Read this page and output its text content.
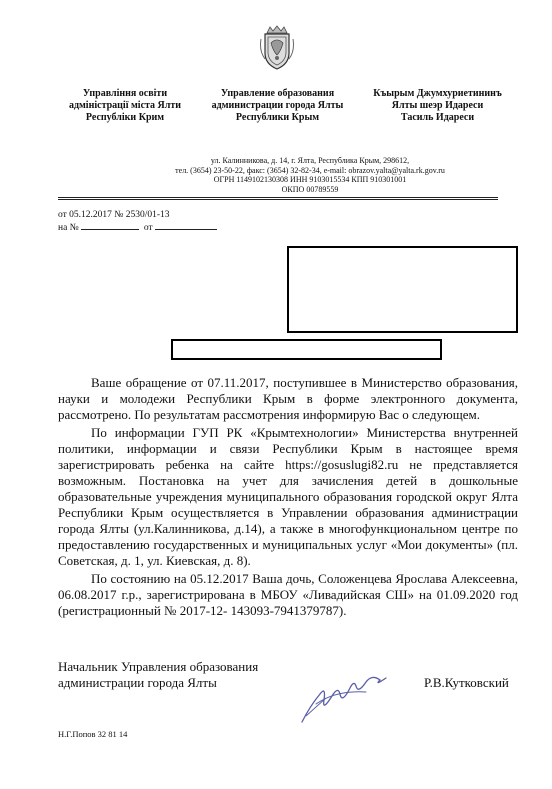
Управління освіти
адміністрації міста Ялти
Республіки Крим
Управление образования
администрации города Ялты
Республики Крым
Къырым Джумхуриетининъ
Ялты шеэр Идареси
Тасиль Идареси
ул. Калинникова, д. 14, г. Ялта, Республика Крым, 298612,
тел. (3654) 23-50-22, факс: (3654) 32-82-34, e-mail: obrazov.yalta@yalta.rk.gov.ru
ОГРН 1149102130308 ИНН 9103015534 КПП 910301001
ОКПО 00789559
от 05.12.2017 № 2530/01-13
на №	от

Ваше обращение от 07.11.2017, поступившее в Министерство образования, науки и молодежи Республики Крым в форме электронного документа, рассмотрено. По результатам рассмотрения информирую Вас о следующем.

По информации ГУП РК «Крымтехнологии» Министерства внутренней политики, информации и связи Республики Крым в настоящее время зарегистрировать ребенка на сайте https://gosuslugi82.ru не представляется возможным. Постановка на учет для зачисления детей в дошкольные образовательные учреждения муниципального образования городской округ Ялта Республики Крым осуществляется в Управлении образования администрации города Ялты (ул.Калинникова, д.14), а также в многофункциональном центре по предоставлению государственных и муниципальных услуг «Мои документы» (пл. Советская, д. 1, ул. Киевская, д. 8).

По состоянию на 05.12.2017 Ваша дочь, Соложенцева Ярослава Алексеевна, 06.08.2017 г.р., зарегистрирована в МБОУ «Ливадийская СШ» на 01.09.2020 год (регистрационный № 2017-12- 143093-7941379787).

Начальник Управления образования
администрации города Ялты	Р.В.Кутковский
Н.Г.Попов 32 81 14
